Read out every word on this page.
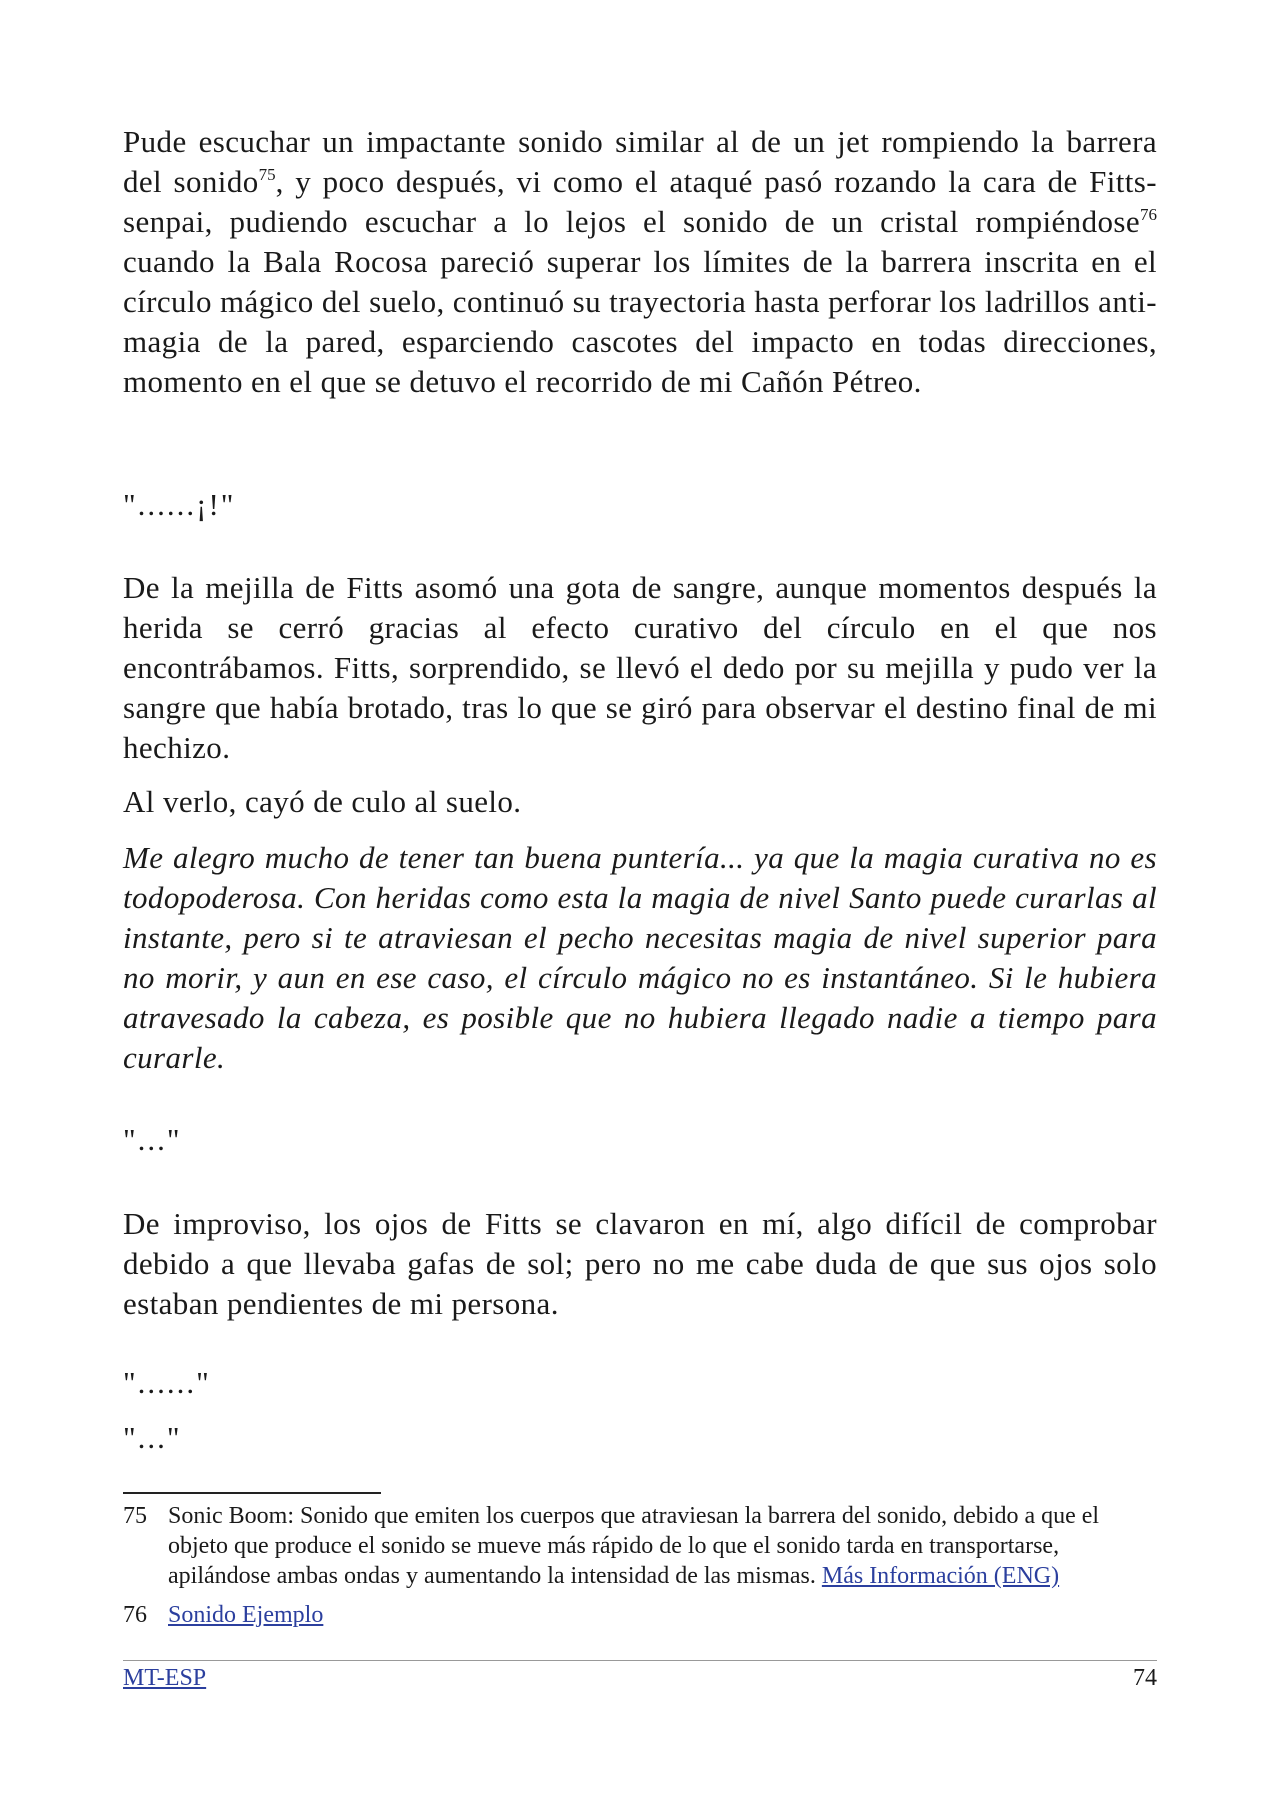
Pude escuchar un impactante sonido similar al de un jet rompiendo la barrera del sonido$^{75}$, y poco después, vi como el ataqué pasó rozando la cara de Fitts-senpai, pudiendo escuchar a lo lejos el sonido de un cristal rompiéndose$^{76}$ cuando la Bala Rocosa pareció superar los límites de la barrera inscrita en el círculo mágico del suelo, continuó su trayectoria hasta perforar los ladrillos anti-magia de la pared, esparciendo cascotes del impacto en todas direcciones, momento en el que se detuvo el recorrido de mi Cañón Pétreo.

"......¡!"

De la mejilla de Fitts asomó una gota de sangre, aunque momentos después la herida se cerró gracias al efecto curativo del círculo en el que nos encontrábamos. Fitts, sorprendido, se llevó el dedo por su mejilla y pudo ver la sangre que había brotado, tras lo que se giró para observar el destino final de mi hechizo.

Al verlo, cayó de culo al suelo.

Me alegro mucho de tener tan buena puntería... ya que la magia curativa no es todopoderosa. Con heridas como esta la magia de nivel Santo puede curarlas al instante, pero si te atraviesan el pecho necesitas magia de nivel superior para no morir, y aun en ese caso, el círculo mágico no es instantáneo. Si le hubiera atravesado la cabeza, es posible que no hubiera llegado nadie a tiempo para curarle.

"..."

De improviso, los ojos de Fitts se clavaron en mí, algo difícil de comprobar debido a que llevaba gafas de sol; pero no me cabe duda de que sus ojos solo estaban pendientes de mi persona.

"......"

"..."

75 Sonic Boom: Sonido que emiten los cuerpos que atraviesan la barrera del sonido, debido a que el objeto que produce el sonido se mueve más rápido de lo que el sonido tarda en transportarse, apilándose ambas ondas y aumentando la intensidad de las mismas. Más Información (ENG)
76 Sonido Ejemplo
MT-ESP	74
